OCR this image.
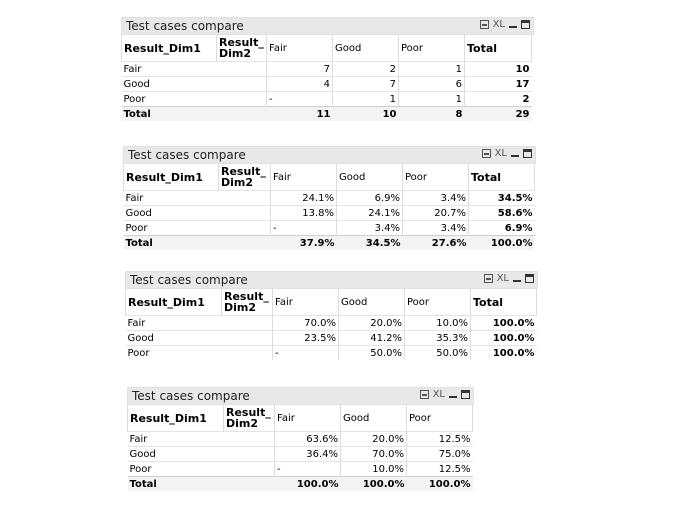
Test cases compare	XL
Result_Dim1	Result_ Dim2	Fair	Good	Poor	Total
Fair		7	2	1	10
Good		4	7	6	17
Poor		-	1	1	2
Total		11	10	8	29
Test cases compare	XL
Result_Dim1	Result_ Dim2	Fair	Good	Poor	Total
Fair		24.1%	6.9%	3.4%	34.5%
Good		13.8%	24.1%	20.7%	58.6%
Poor		-	3.4%	3.4%	6.9%
Total		37.9%	34.5%	27.6%	100.0%
Test cases compare	XL
Result_Dim1	Result_ Dim2	Fair	Good	Poor	Total
Fair		70.0%	20.0%	10.0%	100.0%
Good		23.5%	41.2%	35.3%	100.0%
Poor		-	50.0%	50.0%	100.0%
Test cases compare	XL
Result_Dim1	Result_ Dim2	Fair	Good	Poor
Fair		63.6%	20.0%	12.5%
Good		36.4%	70.0%	75.0%
Poor		-	10.0%	12.5%
Total		100.0%	100.0%	100.0%
